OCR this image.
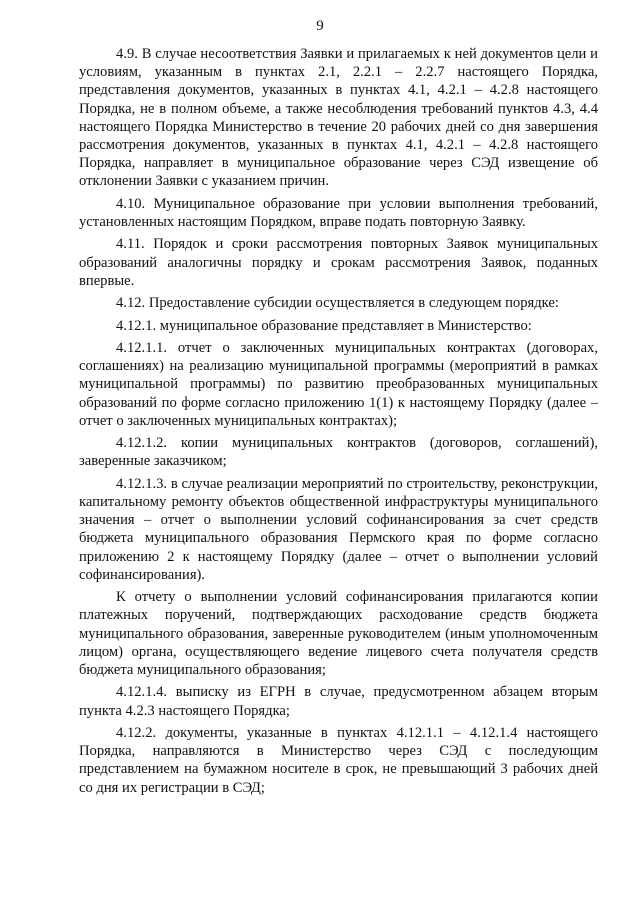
9

4.9. В случае несоответствия Заявки и прилагаемых к ней документов цели и условиям, указанным в пунктах 2.1, 2.2.1 – 2.2.7 настоящего Порядка, представления документов, указанных в пунктах 4.1, 4.2.1 – 4.2.8 настоящего Порядка, не в полном объеме, а также несоблюдения требований пунктов 4.3, 4.4 настоящего Порядка Министерство в течение 20 рабочих дней со дня завершения рассмотрения документов, указанных в пунктах 4.1, 4.2.1 – 4.2.8 настоящего Порядка, направляет в муниципальное образование через СЭД извещение об отклонении Заявки с указанием причин.

4.10. Муниципальное образование при условии выполнения требований, установленных настоящим Порядком, вправе подать повторную Заявку.

4.11. Порядок и сроки рассмотрения повторных Заявок муниципальных образований аналогичны порядку и срокам рассмотрения Заявок, поданных впервые.

4.12. Предоставление субсидии осуществляется в следующем порядке:

4.12.1. муниципальное образование представляет в Министерство:

4.12.1.1. отчет о заключенных муниципальных контрактах (договорах, соглашениях) на реализацию муниципальной программы (мероприятий в рамках муниципальной программы) по развитию преобразованных муниципальных образований по форме согласно приложению 1(1) к настоящему Порядку (далее – отчет о заключенных муниципальных контрактах);

4.12.1.2. копии муниципальных контрактов (договоров, соглашений), заверенные заказчиком;

4.12.1.3. в случае реализации мероприятий по строительству, реконструкции, капитальному ремонту объектов общественной инфраструктуры муниципального значения – отчет о выполнении условий софинансирования за счет средств бюджета муниципального образования Пермского края по форме согласно приложению 2 к настоящему Порядку (далее – отчет о выполнении условий софинансирования).

К отчету о выполнении условий софинансирования прилагаются копии платежных поручений, подтверждающих расходование средств бюджета муниципального образования, заверенные руководителем (иным уполномоченным лицом) органа, осуществляющего ведение лицевого счета получателя средств бюджета муниципального образования;

4.12.1.4. выписку из ЕГРН в случае, предусмотренном абзацем вторым пункта 4.2.3 настоящего Порядка;

4.12.2. документы, указанные в пунктах 4.12.1.1 – 4.12.1.4 настоящего Порядка, направляются в Министерство через СЭД с последующим представлением на бумажном носителе в срок, не превышающий 3 рабочих дней со дня их регистрации в СЭД;
